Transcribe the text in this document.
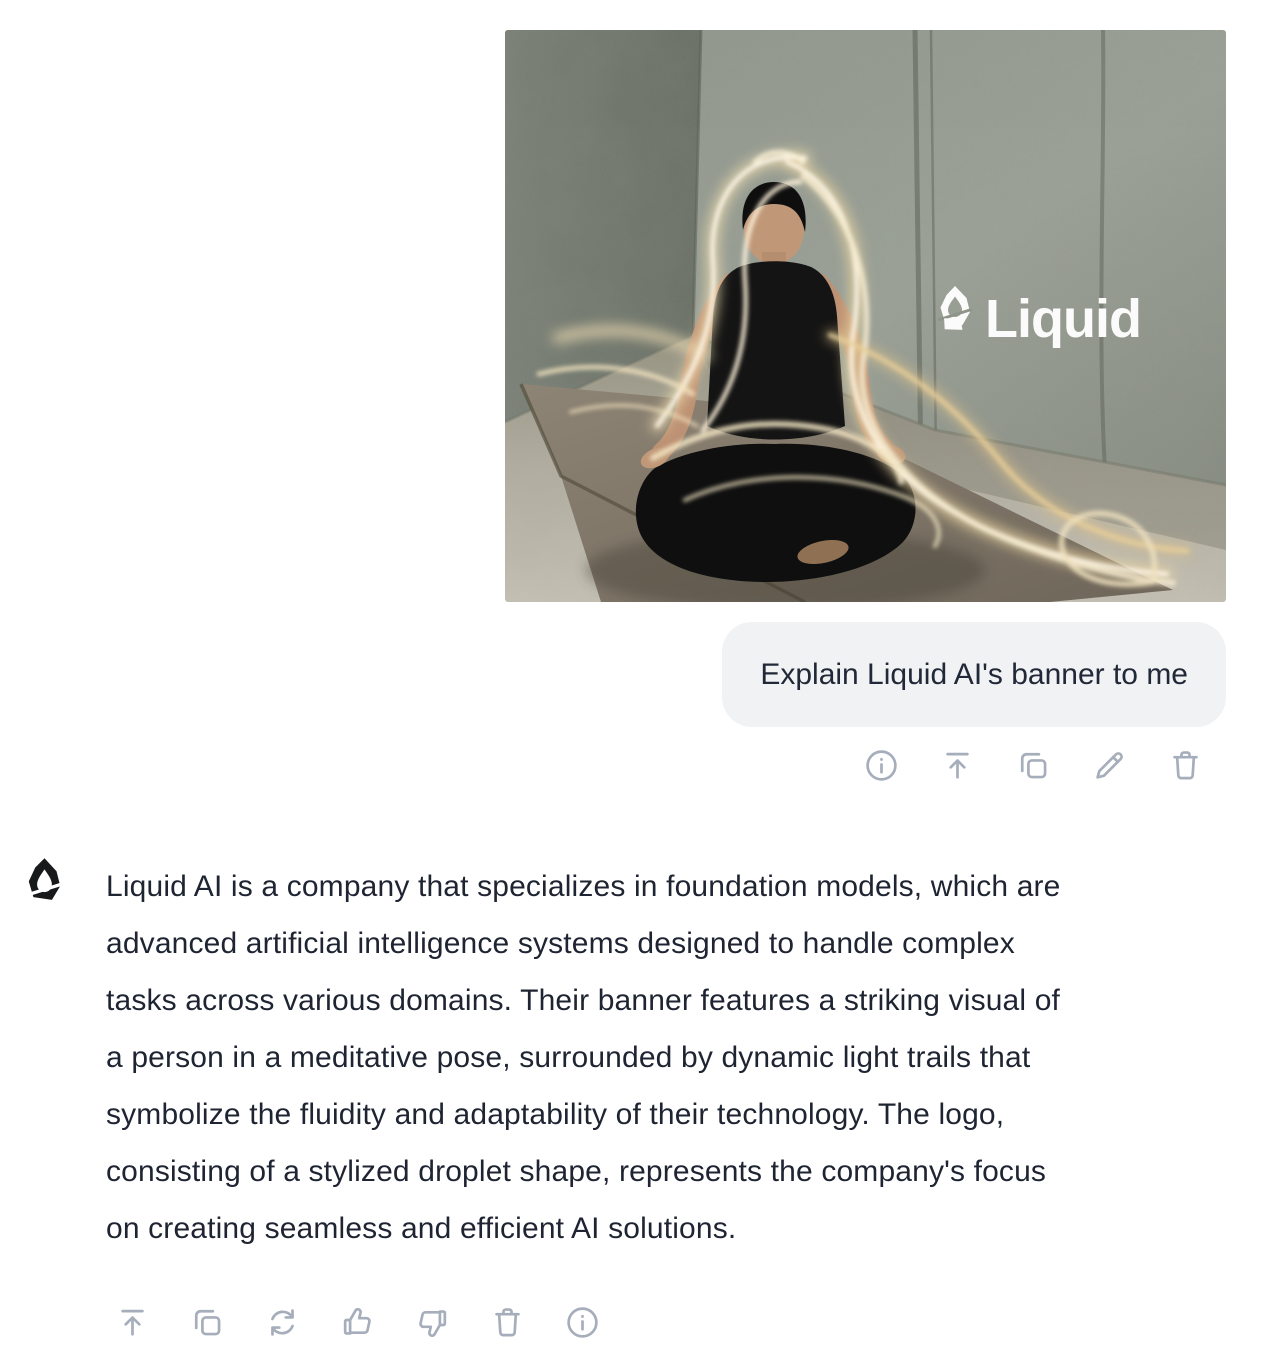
Liquid
Explain Liquid AI's banner to me
Liquid AI is a company that specializes in foundation models, which are
advanced artificial intelligence systems designed to handle complex
tasks across various domains. Their banner features a striking visual of
a person in a meditative pose, surrounded by dynamic light trails that
symbolize the fluidity and adaptability of their technology. The logo,
consisting of a stylized droplet shape, represents the company's focus
on creating seamless and efficient AI solutions.
